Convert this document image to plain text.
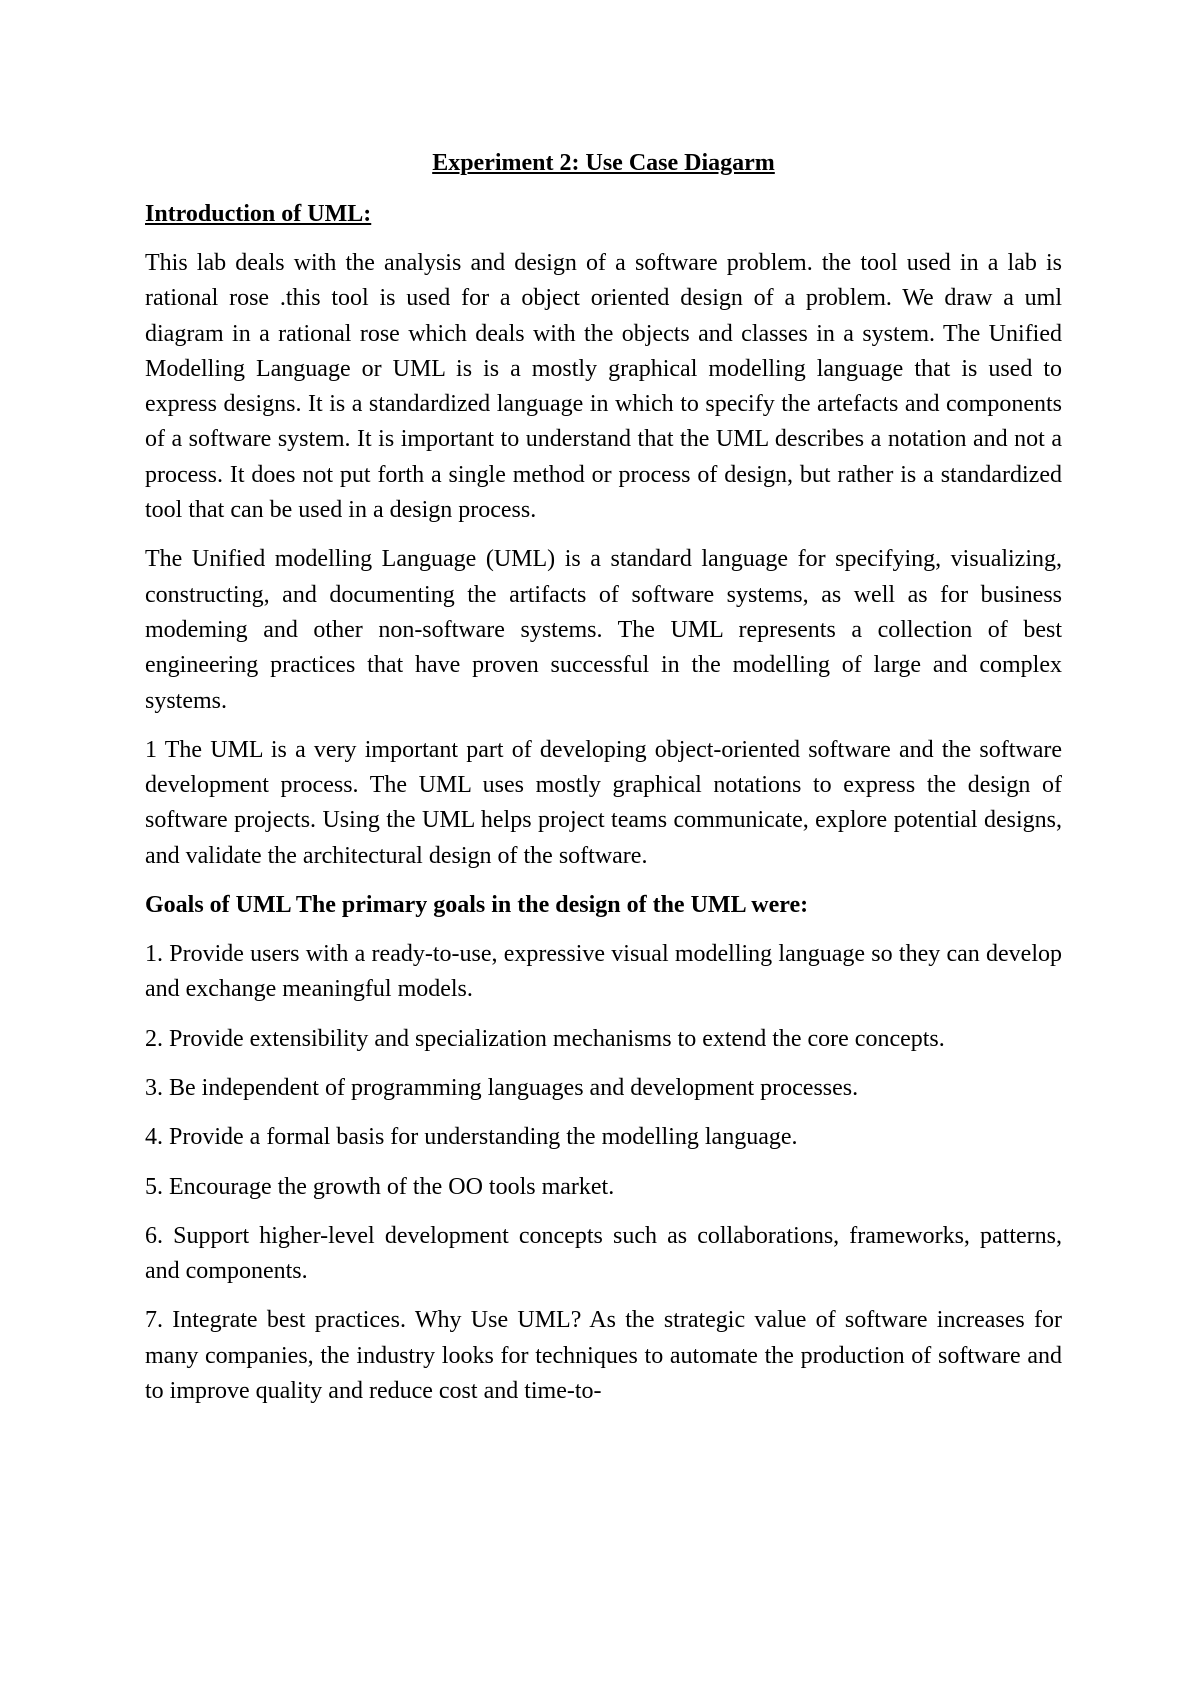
Experiment 2: Use Case Diagarm
Introduction of UML:

This lab deals with the analysis and design of a software problem. the tool used in a lab is rational rose .this tool is used for a object oriented design of a problem. We draw a uml diagram in a rational rose which deals with the objects and classes in a system. The Unified Modelling Language or UML is is a mostly graphical modelling language that is used to express designs. It is a standardized language in which to specify the artefacts and components of a software system. It is important to understand that the UML describes a notation and not a process. It does not put forth a single method or process of design, but rather is a standardized tool that can be used in a design process.

The Unified modelling Language (UML) is a standard language for specifying, visualizing, constructing, and documenting the artifacts of software systems, as well as for business modeming and other non-software systems. The UML represents a collection of best engineering practices that have proven successful in the modelling of large and complex systems.

1 The UML is a very important part of developing object-oriented software and the software development process. The UML uses mostly graphical notations to express the design of software projects. Using the UML helps project teams communicate, explore potential designs, and validate the architectural design of the software.

Goals of UML The primary goals in the design of the UML were:

1. Provide users with a ready-to-use, expressive visual modelling language so they can develop and exchange meaningful models.

2. Provide extensibility and specialization mechanisms to extend the core concepts.

3. Be independent of programming languages and development processes.

4. Provide a formal basis for understanding the modelling language.

5. Encourage the growth of the OO tools market.

6. Support higher-level development concepts such as collaborations, frameworks, patterns, and components.

7. Integrate best practices. Why Use UML? As the strategic value of software increases for many companies, the industry looks for techniques to automate the production of software and to improve quality and reduce cost and time-to-
